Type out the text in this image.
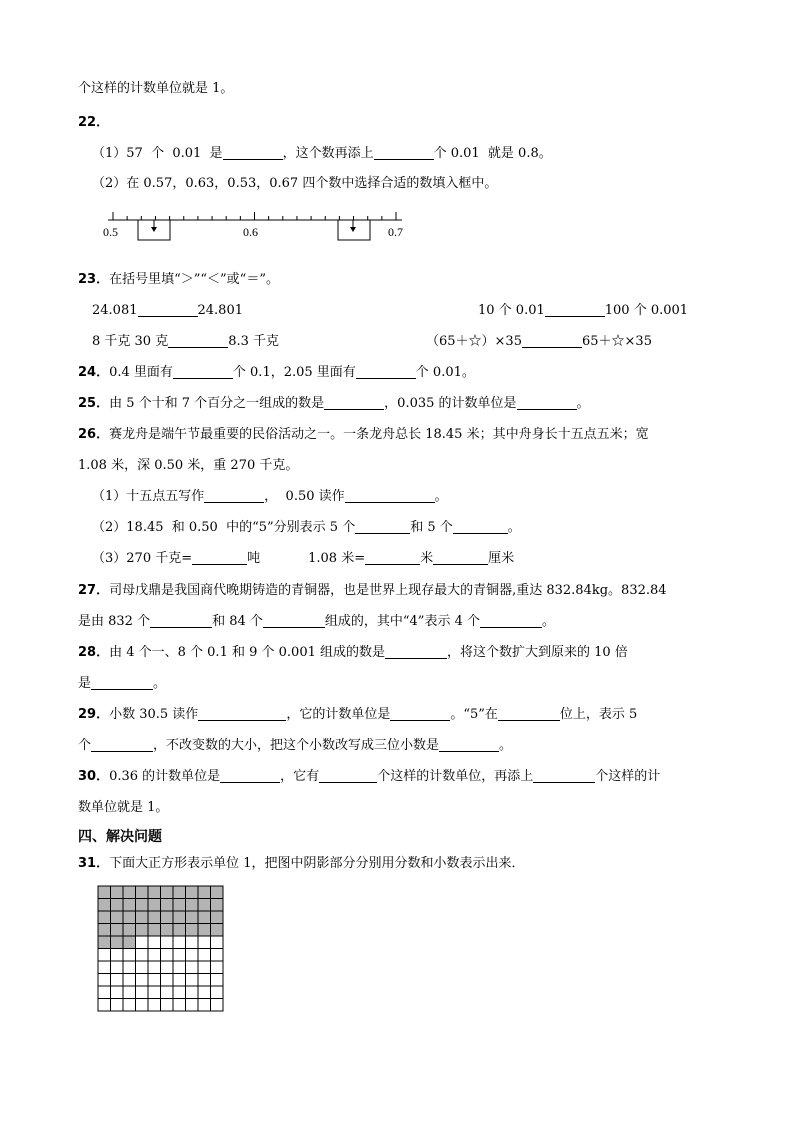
个这样的计数单位就是 1。
22．
（1）57  个  0.01  是	，这个数再添上	个 0.01  就是 0.8。
（2）在 0.57，0.63，0.53，0.67 四个数中选择合适的数填入框中。
0.5	0.6	0.7
23．在括号里填“＞”“＜”或“＝”。
24.081	24.801	10 个 0.01	100 个 0.001
8 千克 30 克	8.3 千克	（65＋☆）×35	65＋☆×35
24．0.4 里面有	个 0.1，2.05 里面有	个 0.01。
25．由 5 个十和 7 个百分之一组成的数是	，0.035 的计数单位是	。
26．赛龙舟是端午节最重要的民俗活动之一。一条龙舟总长 18.45 米；其中舟身长十五点五米；宽
1.08 米，深 0.50 米，重 270 千克。
（1）十五点五写作	，  0.50 读作	。
（2）18.45  和 0.50  中的“5”分别表示 5 个	和 5 个	。
（3）270 千克=	吨	1.08 米=	米	厘米
27．司母戊鼎是我国商代晚期铸造的青铜器，也是世界上现存最大的青铜器,重达 832.84kg。832.84
是由 832 个	和 84 个	组成的，其中“4”表示 4 个	。
28．由 4 个一、8 个 0.1 和 9 个 0.001 组成的数是	，将这个数扩大到原来的 10 倍
是	。
29．小数 30.5 读作	，它的计数单位是	。“5”在	位上，表示 5
个	，不改变数的大小，把这个小数改写成三位小数是	。
30．0.36 的计数单位是	，它有	个这样的计数单位，再添上	个这样的计
数单位就是 1。
四、解决问题
31．下面大正方形表示单位 1，把图中阴影部分分别用分数和小数表示出来．
